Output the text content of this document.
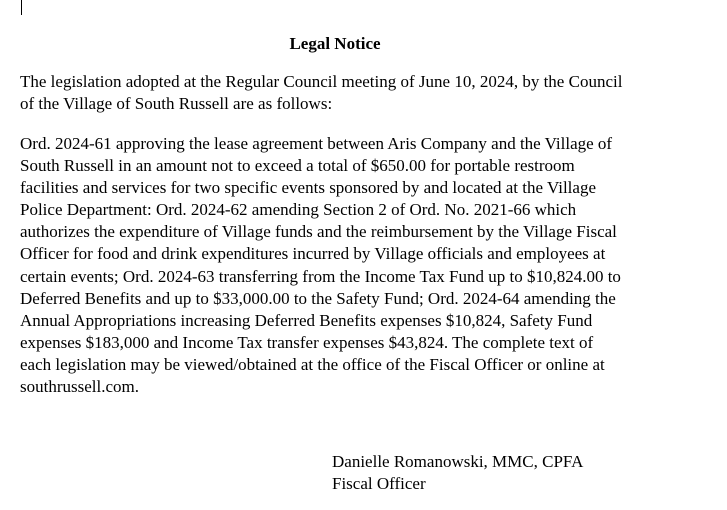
Legal Notice
The legislation adopted at the Regular Council meeting of June 10, 2024, by the Council
of the Village of South Russell are as follows:
Ord. 2024-61 approving the lease agreement between Aris Company and the Village of
South Russell in an amount not to exceed a total of $650.00 for portable restroom
facilities and services for two specific events sponsored by and located at the Village
Police Department: Ord. 2024-62 amending Section 2 of Ord. No. 2021-66 which
authorizes the expenditure of Village funds and the reimbursement by the Village Fiscal
Officer for food and drink expenditures incurred by Village officials and employees at
certain events; Ord. 2024-63 transferring from the Income Tax Fund up to $10,824.00 to
Deferred Benefits and up to $33,000.00 to the Safety Fund; Ord. 2024-64 amending the
Annual Appropriations increasing Deferred Benefits expenses $10,824, Safety Fund
expenses $183,000 and Income Tax transfer expenses $43,824. The complete text of
each legislation may be viewed/obtained at the office of the Fiscal Officer or online at
southrussell.com.
Danielle Romanowski, MMC, CPFA
Fiscal Officer
